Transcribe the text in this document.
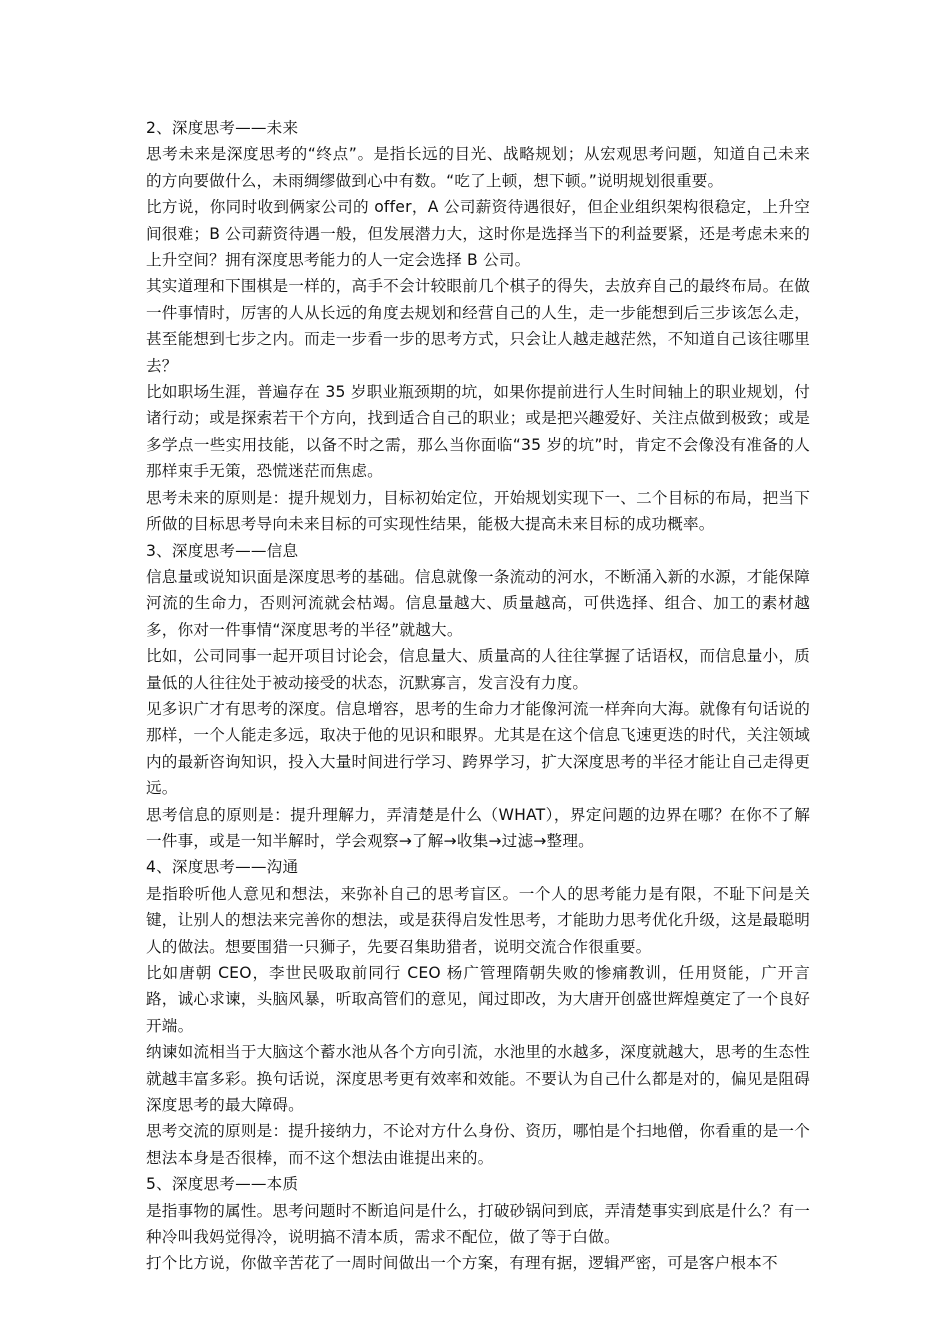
2、深度思考——未来

思考未来是深度思考的“终点”。是指长远的目光、战略规划；从宏观思考问题，知道自己未来的方向要做什么，未雨绸缪做到心中有数。“吃了上顿，想下顿。”说明规划很重要。

比方说，你同时收到俩家公司的 offer，A 公司薪资待遇很好，但企业组织架构很稳定，上升空间很难；B 公司薪资待遇一般，但发展潜力大，这时你是选择当下的利益要紧，还是考虑未来的上升空间？拥有深度思考能力的人一定会选择 B 公司。

其实道理和下围棋是一样的，高手不会计较眼前几个棋子的得失，去放弃自己的最终布局。在做一件事情时，厉害的人从长远的角度去规划和经营自己的人生，走一步能想到后三步该怎么走，甚至能想到七步之内。而走一步看一步的思考方式，只会让人越走越茫然，不知道自己该往哪里去？

比如职场生涯，普遍存在 35 岁职业瓶颈期的坑，如果你提前进行人生时间轴上的职业规划，付诸行动；或是探索若干个方向，找到适合自己的职业；或是把兴趣爱好、关注点做到极致；或是多学点一些实用技能，以备不时之需，那么当你面临“35 岁的坑”时，肯定不会像没有准备的人那样束手无策，恐慌迷茫而焦虑。

思考未来的原则是：提升规划力，目标初始定位，开始规划实现下一、二个目标的布局，把当下所做的目标思考导向未来目标的可实现性结果，能极大提高未来目标的成功概率。

3、深度思考——信息

信息量或说知识面是深度思考的基础。信息就像一条流动的河水，不断涌入新的水源，才能保障河流的生命力，否则河流就会枯竭。信息量越大、质量越高，可供选择、组合、加工的素材越多，你对一件事情“深度思考的半径”就越大。

比如，公司同事一起开项目讨论会，信息量大、质量高的人往往掌握了话语权，而信息量小，质量低的人往往处于被动接受的状态，沉默寡言，发言没有力度。

见多识广才有思考的深度。信息增容，思考的生命力才能像河流一样奔向大海。就像有句话说的那样，一个人能走多远，取决于他的见识和眼界。尤其是在这个信息飞速更迭的时代，关注领域内的最新咨询知识，投入大量时间进行学习、跨界学习，扩大深度思考的半径才能让自己走得更远。

思考信息的原则是：提升理解力，弄清楚是什么（WHAT），界定问题的边界在哪？在你不了解一件事，或是一知半解时，学会观察→了解→收集→过滤→整理。

4、深度思考——沟通

是指聆听他人意见和想法，来弥补自己的思考盲区。一个人的思考能力是有限，不耻下问是关键，让别人的想法来完善你的想法，或是获得启发性思考，才能助力思考优化升级，这是最聪明人的做法。想要围猎一只狮子，先要召集助猎者，说明交流合作很重要。

比如唐朝 CEO，李世民吸取前同行 CEO 杨广管理隋朝失败的惨痛教训，任用贤能，广开言路，诚心求谏，头脑风暴，听取高管们的意见，闻过即改，为大唐开创盛世辉煌奠定了一个良好开端。

纳谏如流相当于大脑这个蓄水池从各个方向引流，水池里的水越多，深度就越大，思考的生态性就越丰富多彩。换句话说，深度思考更有效率和效能。不要认为自己什么都是对的，偏见是阻碍深度思考的最大障碍。

思考交流的原则是：提升接纳力，不论对方什么身份、资历，哪怕是个扫地僧，你看重的是一个想法本身是否很棒，而不这个想法由谁提出来的。

5、深度思考——本质

是指事物的属性。思考问题时不断追问是什么，打破砂锅问到底，弄清楚事实到底是什么？有一种冷叫我妈觉得冷，说明搞不清本质，需求不配位，做了等于白做。

打个比方说，你做辛苦花了一周时间做出一个方案，有理有据，逻辑严密，可是客户根本不
